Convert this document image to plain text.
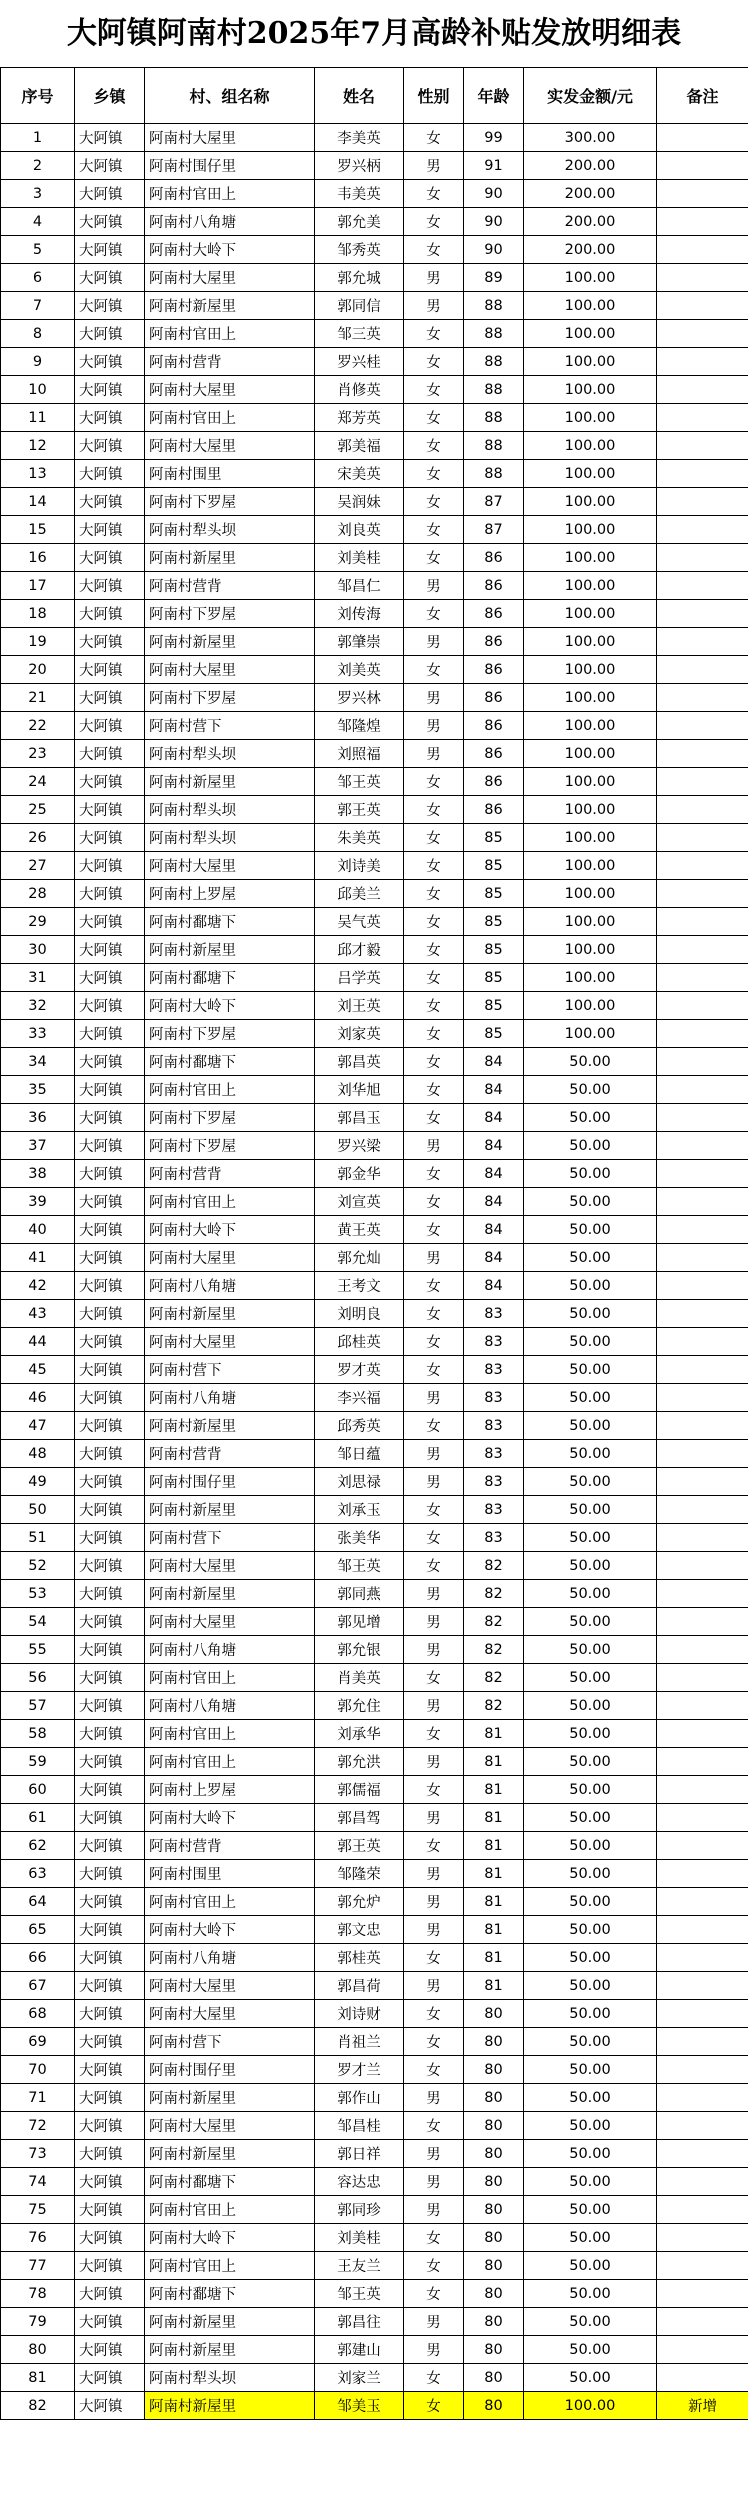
大阿镇阿南村2025年7月高龄补贴发放明细表
序号	乡镇	村、组名称	姓名	性别	年龄	实发金额/元	备注
1	大阿镇	阿南村大屋里	李美英	女	99	300.00	
2	大阿镇	阿南村围仔里	罗兴柄	男	91	200.00	
3	大阿镇	阿南村官田上	韦美英	女	90	200.00	
4	大阿镇	阿南村八角塘	郭允美	女	90	200.00	
5	大阿镇	阿南村大岭下	邹秀英	女	90	200.00	
6	大阿镇	阿南村大屋里	郭允城	男	89	100.00	
7	大阿镇	阿南村新屋里	郭同信	男	88	100.00	
8	大阿镇	阿南村官田上	邹三英	女	88	100.00	
9	大阿镇	阿南村营背	罗兴桂	女	88	100.00	
10	大阿镇	阿南村大屋里	肖修英	女	88	100.00	
11	大阿镇	阿南村官田上	郑芳英	女	88	100.00	
12	大阿镇	阿南村大屋里	郭美福	女	88	100.00	
13	大阿镇	阿南村围里	宋美英	女	88	100.00	
14	大阿镇	阿南村下罗屋	吴润妹	女	87	100.00	
15	大阿镇	阿南村犁头坝	刘良英	女	87	100.00	
16	大阿镇	阿南村新屋里	刘美桂	女	86	100.00	
17	大阿镇	阿南村营背	邹昌仁	男	86	100.00	
18	大阿镇	阿南村下罗屋	刘传海	女	86	100.00	
19	大阿镇	阿南村新屋里	郭肇崇	男	86	100.00	
20	大阿镇	阿南村大屋里	刘美英	女	86	100.00	
21	大阿镇	阿南村下罗屋	罗兴林	男	86	100.00	
22	大阿镇	阿南村营下	邹隆煌	男	86	100.00	
23	大阿镇	阿南村犁头坝	刘照福	男	86	100.00	
24	大阿镇	阿南村新屋里	邹王英	女	86	100.00	
25	大阿镇	阿南村犁头坝	郭王英	女	86	100.00	
26	大阿镇	阿南村犁头坝	朱美英	女	85	100.00	
27	大阿镇	阿南村大屋里	刘诗美	女	85	100.00	
28	大阿镇	阿南村上罗屋	邱美兰	女	85	100.00	
29	大阿镇	阿南村鄱塘下	吴气英	女	85	100.00	
30	大阿镇	阿南村新屋里	邱才毅	女	85	100.00	
31	大阿镇	阿南村鄱塘下	吕学英	女	85	100.00	
32	大阿镇	阿南村大岭下	刘王英	女	85	100.00	
33	大阿镇	阿南村下罗屋	刘家英	女	85	100.00	
34	大阿镇	阿南村鄱塘下	郭昌英	女	84	50.00	
35	大阿镇	阿南村官田上	刘华旭	女	84	50.00	
36	大阿镇	阿南村下罗屋	郭昌玉	女	84	50.00	
37	大阿镇	阿南村下罗屋	罗兴梁	男	84	50.00	
38	大阿镇	阿南村营背	郭金华	女	84	50.00	
39	大阿镇	阿南村官田上	刘宣英	女	84	50.00	
40	大阿镇	阿南村大岭下	黄王英	女	84	50.00	
41	大阿镇	阿南村大屋里	郭允灿	男	84	50.00	
42	大阿镇	阿南村八角塘	王考文	女	84	50.00	
43	大阿镇	阿南村新屋里	刘明良	女	83	50.00	
44	大阿镇	阿南村大屋里	邱桂英	女	83	50.00	
45	大阿镇	阿南村营下	罗才英	女	83	50.00	
46	大阿镇	阿南村八角塘	李兴福	男	83	50.00	
47	大阿镇	阿南村新屋里	邱秀英	女	83	50.00	
48	大阿镇	阿南村营背	邹日蕴	男	83	50.00	
49	大阿镇	阿南村围仔里	刘思禄	男	83	50.00	
50	大阿镇	阿南村新屋里	刘承玉	女	83	50.00	
51	大阿镇	阿南村营下	张美华	女	83	50.00	
52	大阿镇	阿南村大屋里	邹王英	女	82	50.00	
53	大阿镇	阿南村新屋里	郭同燕	男	82	50.00	
54	大阿镇	阿南村大屋里	郭见增	男	82	50.00	
55	大阿镇	阿南村八角塘	郭允银	男	82	50.00	
56	大阿镇	阿南村官田上	肖美英	女	82	50.00	
57	大阿镇	阿南村八角塘	郭允住	男	82	50.00	
58	大阿镇	阿南村官田上	刘承华	女	81	50.00	
59	大阿镇	阿南村官田上	郭允洪	男	81	50.00	
60	大阿镇	阿南村上罗屋	郭儒福	女	81	50.00	
61	大阿镇	阿南村大岭下	郭昌驾	男	81	50.00	
62	大阿镇	阿南村营背	郭王英	女	81	50.00	
63	大阿镇	阿南村围里	邹隆荣	男	81	50.00	
64	大阿镇	阿南村官田上	郭允炉	男	81	50.00	
65	大阿镇	阿南村大岭下	郭文忠	男	81	50.00	
66	大阿镇	阿南村八角塘	郭桂英	女	81	50.00	
67	大阿镇	阿南村大屋里	郭昌荷	男	81	50.00	
68	大阿镇	阿南村大屋里	刘诗财	女	80	50.00	
69	大阿镇	阿南村营下	肖祖兰	女	80	50.00	
70	大阿镇	阿南村围仔里	罗才兰	女	80	50.00	
71	大阿镇	阿南村新屋里	郭作山	男	80	50.00	
72	大阿镇	阿南村大屋里	邹昌桂	女	80	50.00	
73	大阿镇	阿南村新屋里	郭日祥	男	80	50.00	
74	大阿镇	阿南村鄱塘下	容达忠	男	80	50.00	
75	大阿镇	阿南村官田上	郭同珍	男	80	50.00	
76	大阿镇	阿南村大岭下	刘美桂	女	80	50.00	
77	大阿镇	阿南村官田上	王友兰	女	80	50.00	
78	大阿镇	阿南村鄱塘下	邹王英	女	80	50.00	
79	大阿镇	阿南村新屋里	郭昌往	男	80	50.00	
80	大阿镇	阿南村新屋里	郭建山	男	80	50.00	
81	大阿镇	阿南村犁头坝	刘家兰	女	80	50.00	
82	大阿镇	阿南村新屋里	邹美玉	女	80	100.00	新增
